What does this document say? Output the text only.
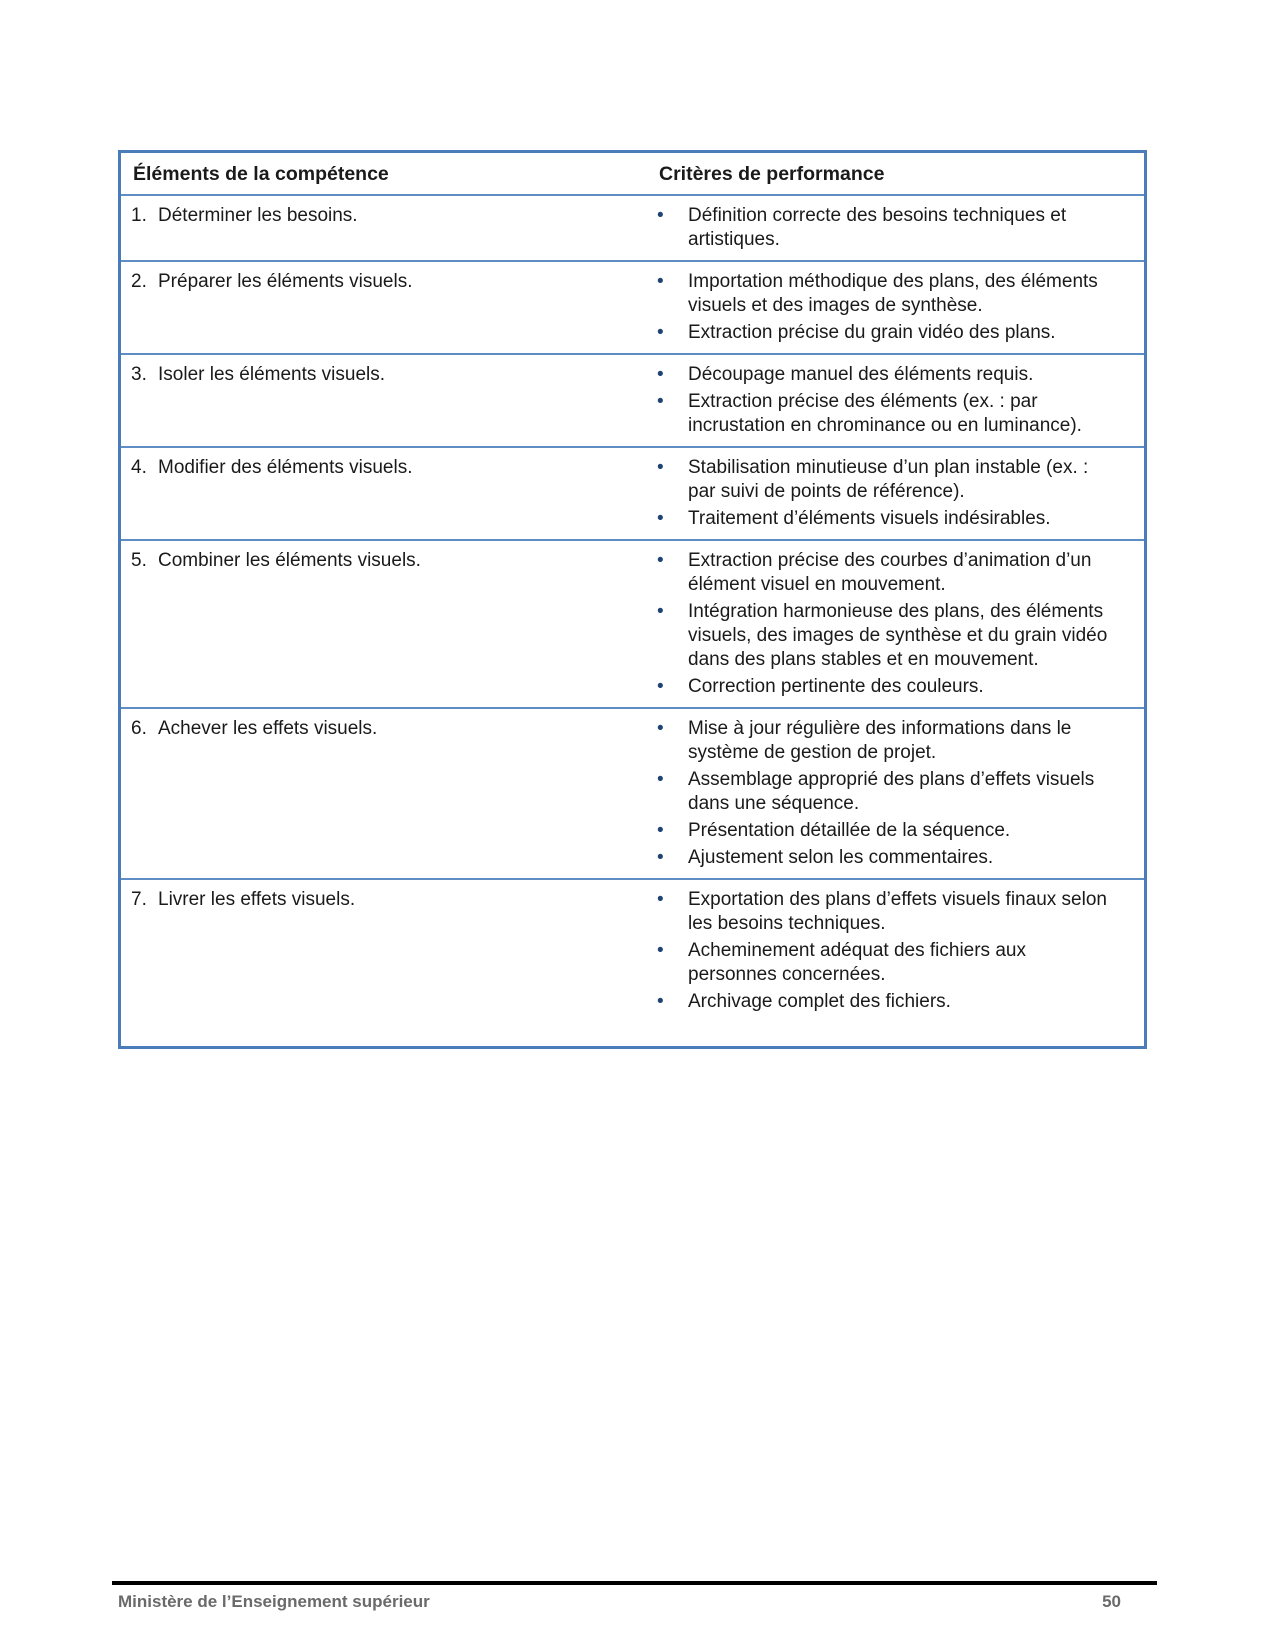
Éléments de la compétence	Critères de performance
1. Déterminer les besoins.	•	Définition correcte des besoins techniques et artistiques.
2. Préparer les éléments visuels.	•	Importation méthodique des plans, des éléments visuels et des images de synthèse.
•	Extraction précise du grain vidéo des plans.
3. Isoler les éléments visuels.	•	Découpage manuel des éléments requis.
•	Extraction précise des éléments (ex. : par incrustation en chrominance ou en luminance).
4. Modifier des éléments visuels.	•	Stabilisation minutieuse d’un plan instable (ex. : par suivi de points de référence).
•	Traitement d’éléments visuels indésirables.
5. Combiner les éléments visuels.	•	Extraction précise des courbes d’animation d’un élément visuel en mouvement.
•	Intégration harmonieuse des plans, des éléments visuels, des images de synthèse et du grain vidéo dans des plans stables et en mouvement.
•	Correction pertinente des couleurs.
6. Achever les effets visuels.	•	Mise à jour régulière des informations dans le système de gestion de projet.
•	Assemblage approprié des plans d’effets visuels dans une séquence.
•	Présentation détaillée de la séquence.
•	Ajustement selon les commentaires.
7. Livrer les effets visuels.	•	Exportation des plans d’effets visuels finaux selon les besoins techniques.
•	Acheminement adéquat des fichiers aux personnes concernées.
•	Archivage complet des fichiers.
Ministère de l’Enseignement supérieur	50
